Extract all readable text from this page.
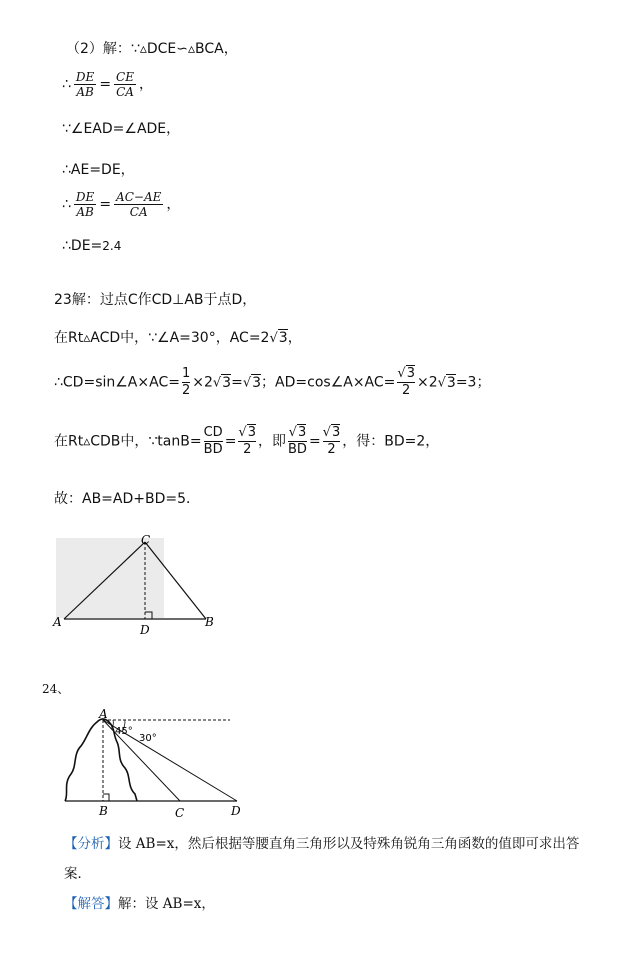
（2）解：∵▵DCE∽▵BCA，
∴ $\frac{DE}{AB} = \frac{CE}{CA}$ ，
∵∠EAD=∠ADE，
∴AE=DE，
∴ $\frac{DE}{AB} = \frac{AC-AE}{CA}$ ，
∴DE=2.4
23解：过点C作CD⊥AB于点D，
在Rt▵ACD中，∵∠A=30°，AC=2√3，
∴CD=sin∠A×AC= $\frac{1}{2} \times 2√3=√3$；AD=cos∠A×AC= $\frac{√3}{2} \times 2√3=3$；
在Rt▵CDB中，∵tanB= $\frac{CD}{BD} = \frac{√3}{2}$ ，即 $\frac{√3}{BD} = \frac{√3}{2}$ ，得：BD=2，
故：AB=AD+BD=5．
C
A
D
B
24、
A
B	C	D
45°
30°
【分析】设 AB=x，然后根据等腰直角三角形以及特殊角锐角三角函数的值即可求出答
案．
【解答】解：设 AB=x，
